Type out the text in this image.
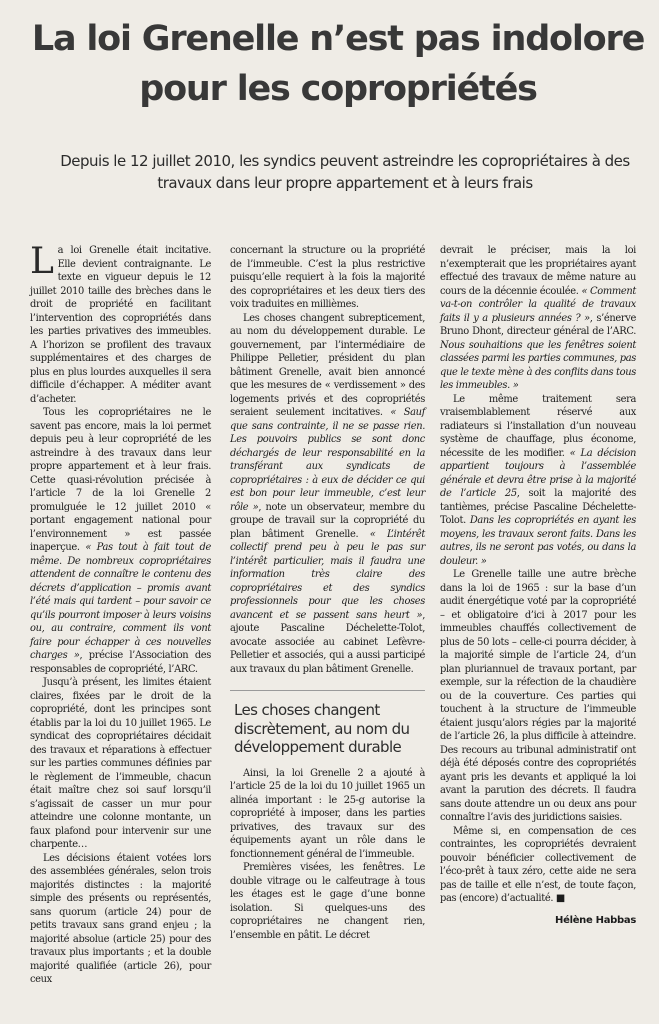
La loi Grenelle n’est pas indolore pour les copropriétés

Depuis le 12 juillet 2010, les syndics peuvent astreindre les copropriétaires à des travaux dans leur propre appartement et à leurs frais

La loi Grenelle était incitative. Elle devient contraignante. Le texte en vigueur depuis le 12 juillet 2010 taille des brèches dans le droit de propriété en facilitant l’intervention des copropriétés dans les parties privatives des immeubles. A l’horizon se profilent des travaux supplémentaires et des charges de plus en plus lourdes auxquelles il sera difficile d’échapper. A méditer avant d’acheter.

Tous les copropriétaires ne le savent pas encore, mais la loi permet depuis peu à leur copropriété de les astreindre à des travaux dans leur propre appartement et à leur frais. Cette quasi-révolution précisée à l’article 7 de la loi Grenelle 2 promulguée le 12 juillet 2010 « portant engagement national pour l’environnement » est passée inaperçue. « Pas tout à fait tout de même. De nombreux copropriétaires attendent de connaître le contenu des décrets d’application – promis avant l’été mais qui tardent – pour savoir ce qu’ils pourront imposer à leurs voisins ou, au contraire, comment ils vont faire pour échapper à ces nouvelles charges », précise l’Association des responsables de copropriété, l’ARC.

Jusqu’à présent, les limites étaient claires, fixées par le droit de la copropriété, dont les principes sont établis par la loi du 10 juillet 1965. Le syndicat des copropriétaires décidait des travaux et réparations à effectuer sur les parties communes définies par le règlement de l’immeuble, chacun était maître chez soi sauf lorsqu’il s’agissait de casser un mur pour atteindre une colonne montante, un faux plafond pour intervenir sur une charpente…

Les décisions étaient votées lors des assemblées générales, selon trois majorités distinctes : la majorité simple des présents ou représentés, sans quorum (article 24) pour de petits travaux sans grand enjeu ; la majorité absolue (article 25) pour des travaux plus importants ; et la double majorité qualifiée (article 26), pour ceux

concernant la structure ou la propriété de l’immeuble. C’est la plus restrictive puisqu’elle requiert à la fois la majorité des copropriétaires et les deux tiers des voix traduites en millièmes.

Les choses changent subrepticement, au nom du développement durable. Le gouvernement, par l’intermédiaire de Philippe Pelletier, président du plan bâtiment Grenelle, avait bien annoncé que les mesures de « verdissement » des logements privés et des copropriétés seraient seulement incitatives. « Sauf que sans contrainte, il ne se passe rien. Les pouvoirs publics se sont donc déchargés de leur responsabilité en la transférant aux syndicats de copropriétaires : à eux de décider ce qui est bon pour leur immeuble, c’est leur rôle », note un observateur, membre du groupe de travail sur la copropriété du plan bâtiment Grenelle. « L’intérêt collectif prend peu à peu le pas sur l’intérêt particulier, mais il faudra une information très claire des copropriétaires et des syndics professionnels pour que les choses avancent et se passent sans heurt », ajoute Pascaline Déchelette-Tolot, avocate associée au cabinet Lefèvre-Pelletier et associés, qui a aussi participé aux travaux du plan bâtiment Grenelle.

Les choses changent discrètement, au nom du développement durable

Ainsi, la loi Grenelle 2 a ajouté à l’article 25 de la loi du 10 juillet 1965 un alinéa important : le 25-g autorise la copropriété à imposer, dans les parties privatives, des travaux sur des équipements ayant un rôle dans le fonctionnement général de l’immeuble.

Premières visées, les fenêtres. Le double vitrage ou le calfeutrage à tous les étages est le gage d’une bonne isolation. Si quelques-uns des copropriétaires ne changent rien, l’ensemble en pâtit. Le décret

devrait le préciser, mais la loi n’exempterait que les propriétaires ayant effectué des travaux de même nature au cours de la décennie écoulée. « Comment va-t-on contrôler la qualité de travaux faits il y a plusieurs années ? », s’énerve Bruno Dhont, directeur général de l’ARC. Nous souhaitions que les fenêtres soient classées parmi les parties communes, pas que le texte mène à des conflits dans tous les immeubles. »

Le même traitement sera vraisemblablement réservé aux radiateurs si l’installation d’un nouveau système de chauffage, plus économe, nécessite de les modifier. « La décision appartient toujours à l’assemblée générale et devra être prise à la majorité de l’article 25, soit la majorité des tantièmes, précise Pascaline Déchelette-Tolot. Dans les copropriétés en ayant les moyens, les travaux seront faits. Dans les autres, ils ne seront pas votés, ou dans la douleur. »

Le Grenelle taille une autre brèche dans la loi de 1965 : sur la base d’un audit énergétique voté par la copropriété – et obligatoire d’ici à 2017 pour les immeubles chauffés collectivement de plus de 50 lots – celle-ci pourra décider, à la majorité simple de l’article 24, d’un plan pluriannuel de travaux portant, par exemple, sur la réfection de la chaudière ou de la couverture. Ces parties qui touchent à la structure de l’immeuble étaient jusqu’alors régies par la majorité de l’article 26, la plus difficile à atteindre. Des recours au tribunal administratif ont déjà été déposés contre des copropriétés ayant pris les devants et appliqué la loi avant la parution des décrets. Il faudra sans doute attendre un ou deux ans pour connaître l’avis des juridictions saisies.

Même si, en compensation de ces contraintes, les copropriétés devraient pouvoir bénéficier collectivement de l’éco-prêt à taux zéro, cette aide ne sera pas de taille et elle n’est, de toute façon, pas (encore) d’actualité. ■

Hélène Habbas
